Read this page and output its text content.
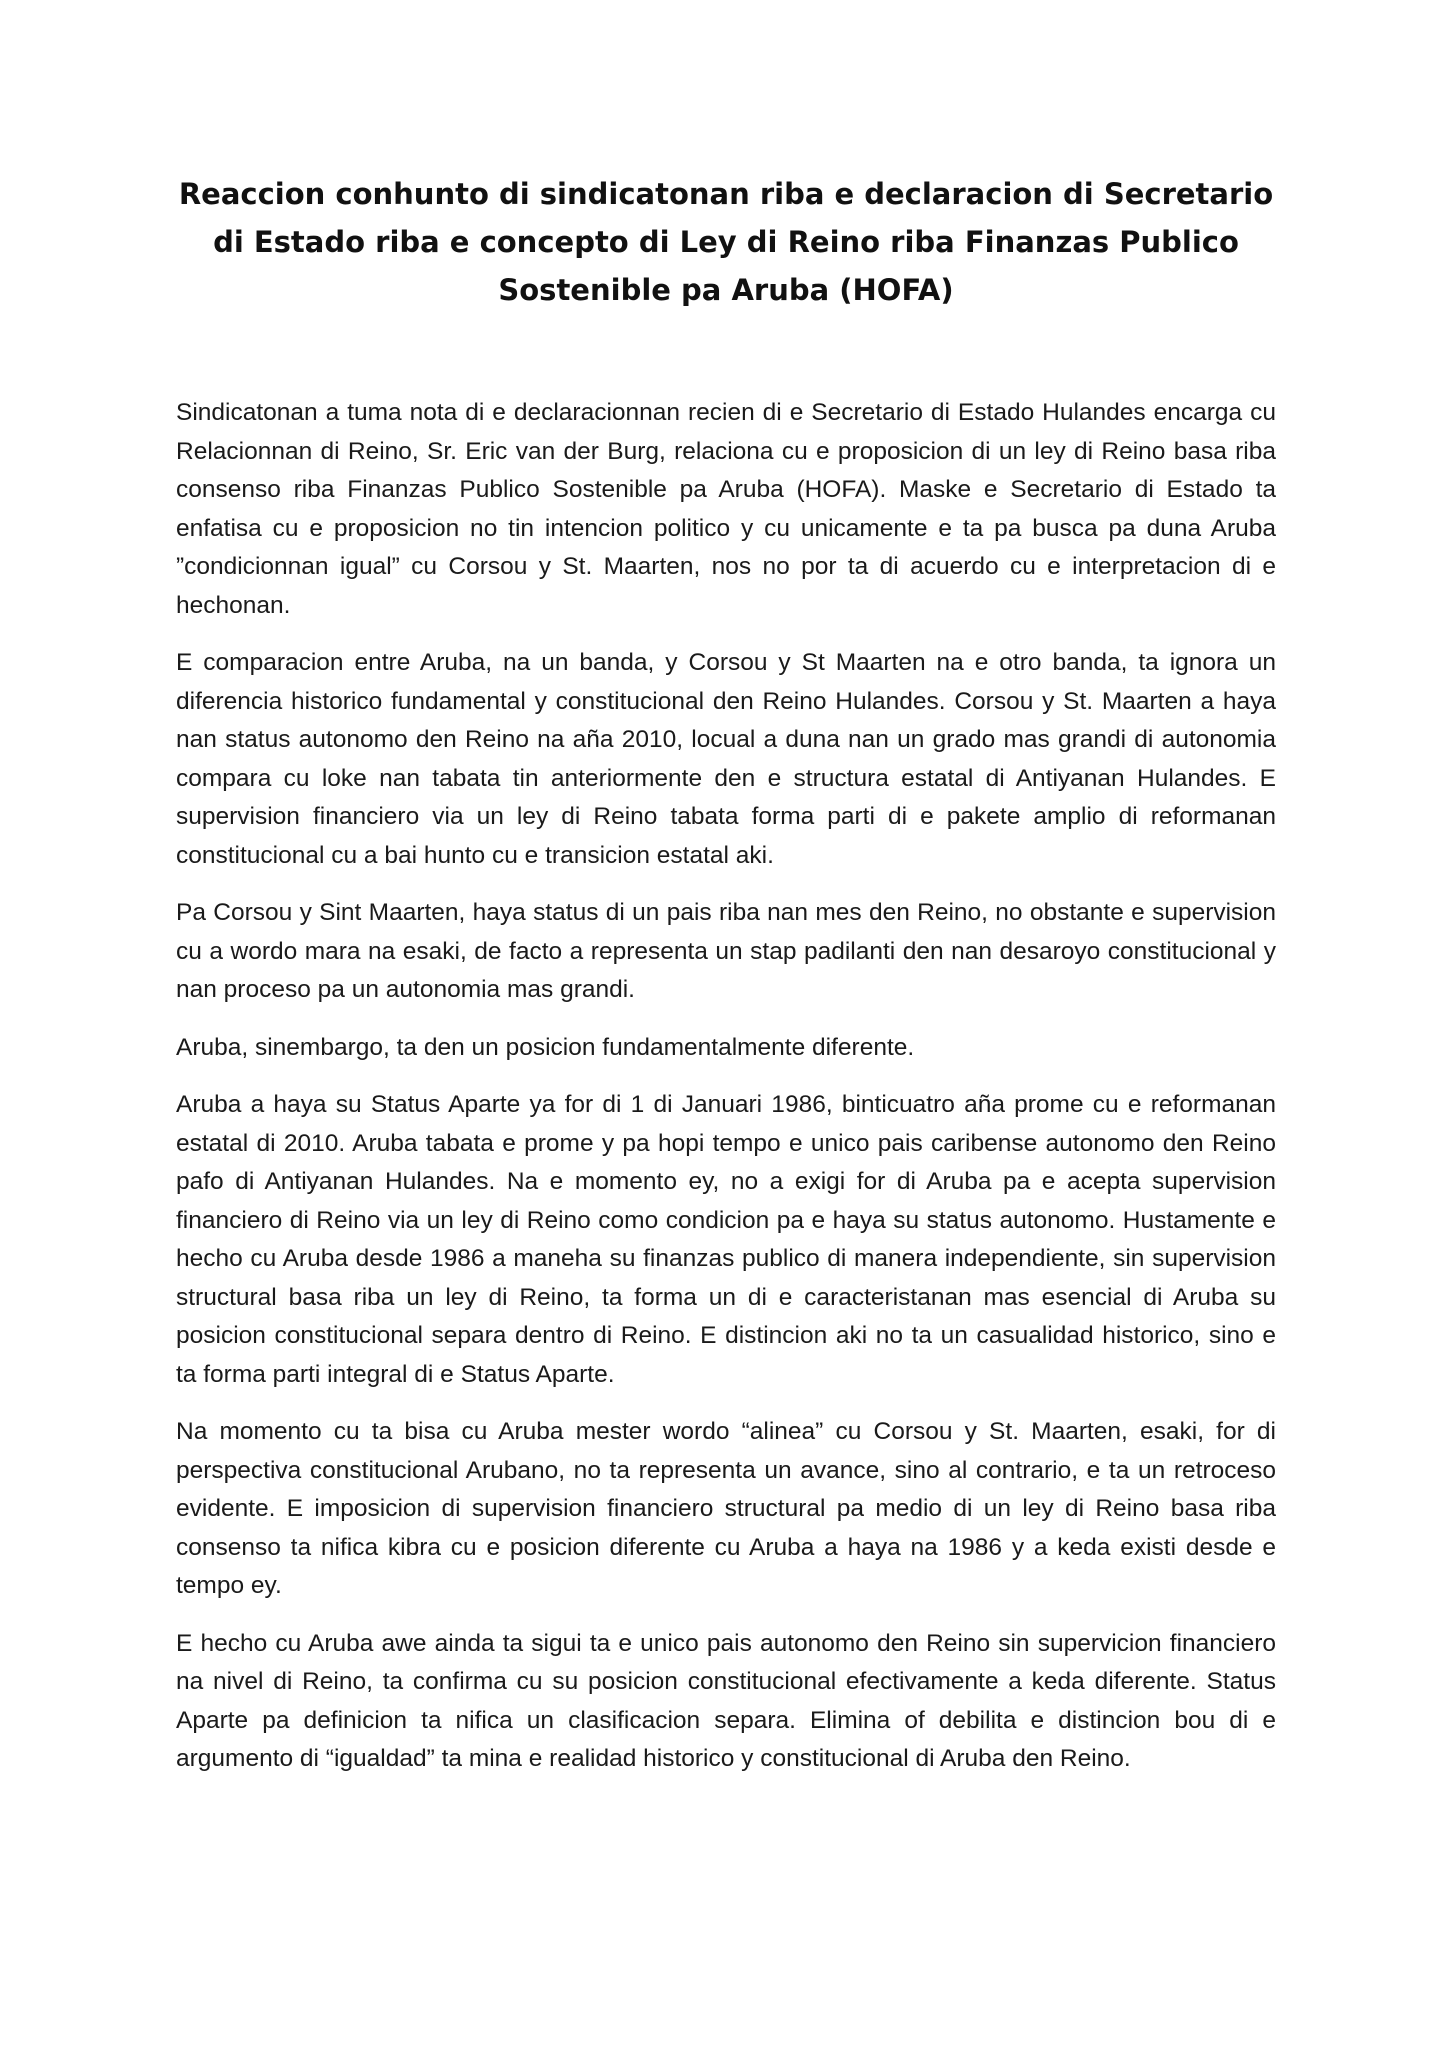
Reaccion conhunto di sindicatonan riba e declaracion di Secretario di Estado riba e concepto di Ley di Reino riba Finanzas Publico Sostenible pa Aruba (HOFA)

Sindicatonan a tuma nota di e declaracionnan recien di e Secretario di Estado Hulandes encarga cu Relacionnan di Reino, Sr. Eric van der Burg, relaciona cu e proposicion di un ley di Reino basa riba consenso riba Finanzas Publico Sostenible pa Aruba (HOFA). Maske e Secretario di Estado ta enfatisa cu e proposicion no tin intencion politico y cu unicamente e ta pa busca pa duna Aruba ”condicionnan igual” cu Corsou y St. Maarten, nos no por ta di acuerdo cu e interpretacion di e hechonan.

E comparacion entre Aruba, na un banda, y Corsou y St Maarten na e otro banda, ta ignora un diferencia historico fundamental y constitucional den Reino Hulandes. Corsou y St. Maarten a haya nan status autonomo den Reino na aña 2010, locual a duna nan un grado mas grandi di autonomia compara cu loke nan tabata tin anteriormente den e structura estatal di Antiyanan Hulandes. E supervision financiero via un ley di Reino tabata forma parti di e pakete amplio di reformanan constitucional cu a bai hunto cu e transicion estatal aki.

Pa Corsou y Sint Maarten, haya status di un pais riba nan mes den Reino, no obstante e supervision cu a wordo mara na esaki, de facto a representa un stap padilanti den nan desaroyo constitucional y nan proceso pa un autonomia mas grandi.

Aruba, sinembargo, ta den un posicion fundamentalmente diferente.

Aruba a haya su Status Aparte ya for di 1 di Januari 1986, binticuatro aña prome cu e reformanan estatal di 2010. Aruba tabata e prome y pa hopi tempo e unico pais caribense autonomo den Reino pafo di Antiyanan Hulandes. Na e momento ey, no a exigi for di Aruba pa e acepta supervision financiero di Reino via un ley di Reino como condicion pa e haya su status autonomo. Hustamente e hecho cu Aruba desde 1986 a maneha su finanzas publico di manera independiente, sin supervision structural basa riba un ley di Reino, ta forma un di e caracteristanan mas esencial di Aruba su posicion constitucional separa dentro di Reino. E distincion aki no ta un casualidad historico, sino e ta forma parti integral di e Status Aparte.

Na momento cu ta bisa cu Aruba mester wordo “alinea” cu Corsou y St. Maarten, esaki, for di perspectiva constitucional Arubano, no ta representa un avance, sino al contrario, e ta un retroceso evidente. E imposicion di supervision financiero structural pa medio di un ley di Reino basa riba consenso ta nifica kibra cu e posicion diferente cu Aruba a haya na 1986 y a keda existi desde e tempo ey.

E hecho cu Aruba awe ainda ta sigui ta e unico pais autonomo den Reino sin supervicion financiero na nivel di Reino, ta confirma cu su posicion constitucional efectivamente a keda diferente. Status Aparte pa definicion ta nifica un clasificacion separa. Elimina of debilita e distincion bou di e argumento di “igualdad” ta mina e realidad historico y constitucional di Aruba den Reino.
